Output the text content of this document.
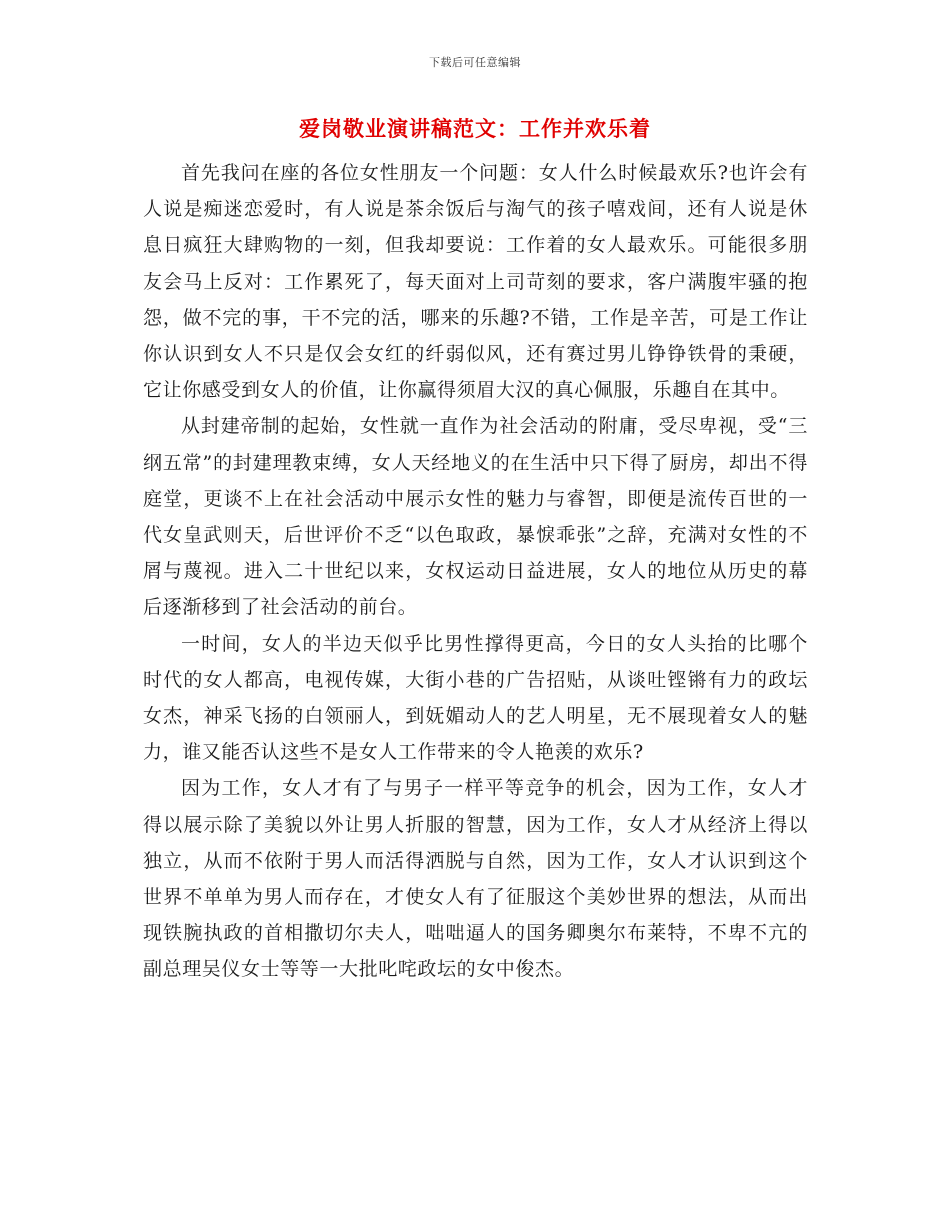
下载后可任意编辑
爱岗敬业演讲稿范文：工作并欢乐着

首先我问在座的各位女性朋友一个问题：女人什么时候最欢乐?也许会有人说是痴迷恋爱时，有人说是茶余饭后与淘气的孩子嘻戏间，还有人说是休息日疯狂大肆购物的一刻，但我却要说：工作着的女人最欢乐。可能很多朋友会马上反对：工作累死了，每天面对上司苛刻的要求，客户满腹牢骚的抱怨，做不完的事，干不完的活，哪来的乐趣?不错，工作是辛苦，可是工作让你认识到女人不只是仅会女红的纤弱似风，还有赛过男儿铮铮铁骨的秉硬，它让你感受到女人的价值，让你赢得须眉大汉的真心佩服，乐趣自在其中。

从封建帝制的起始，女性就一直作为社会活动的附庸，受尽卑视，受“三纲五常”的封建理教束缚，女人天经地义的在生活中只下得了厨房，却出不得庭堂，更谈不上在社会活动中展示女性的魅力与睿智，即便是流传百世的一代女皇武则天，后世评价不乏“以色取政，暴悷乖张”之辞，充满对女性的不屑与蔑视。进入二十世纪以来，女权运动日益进展，女人的地位从历史的幕后逐渐移到了社会活动的前台。

一时间，女人的半边天似乎比男性撑得更高，今日的女人头抬的比哪个时代的女人都高，电视传媒，大街小巷的广告招贴，从谈吐铿锵有力的政坛女杰，神采飞扬的白领丽人，到妩媚动人的艺人明星，无不展现着女人的魅力，谁又能否认这些不是女人工作带来的令人艳羡的欢乐?

因为工作，女人才有了与男子一样平等竞争的机会，因为工作，女人才得以展示除了美貌以外让男人折服的智慧，因为工作，女人才从经济上得以独立，从而不依附于男人而活得洒脱与自然，因为工作，女人才认识到这个世界不单单为男人而存在，才使女人有了征服这个美妙世界的想法，从而出现铁腕执政的首相撒切尔夫人，咄咄逼人的国务卿奥尔布莱特，不卑不亢的副总理吴仪女士等等一大批叱咤政坛的女中俊杰。
